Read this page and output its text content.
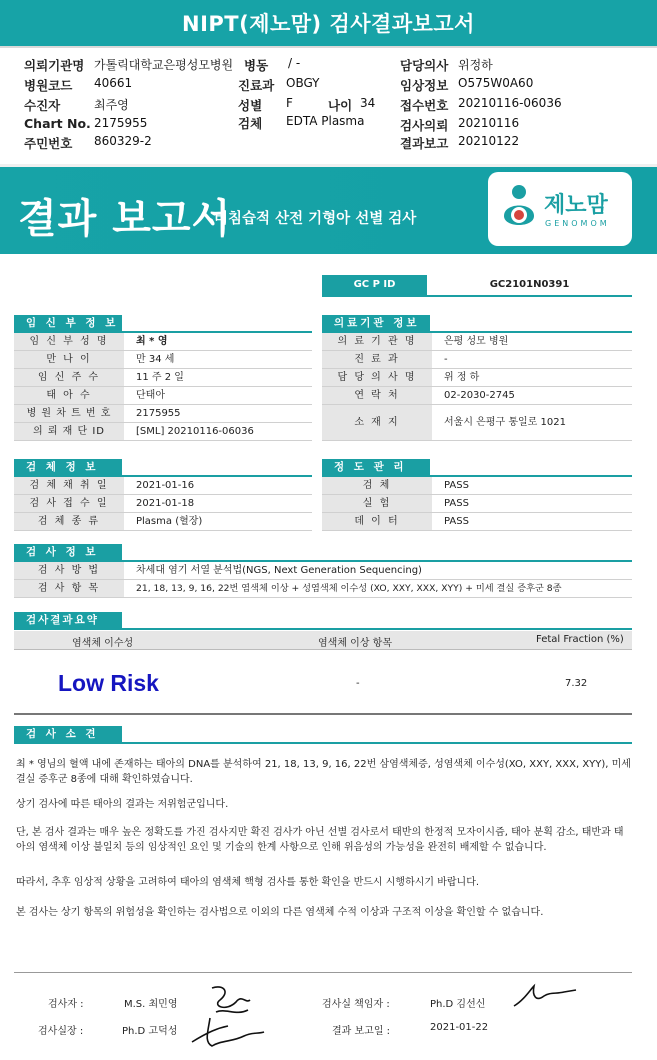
NIPT(제노맘) 검사결과보고서
의뢰기관명 가톨릭대학교은평성모병원 병동 / -	담당의사 위정하
병원코드 40661	진료과 OBGY	임상정보 O575W0A60
수진자	최주영	성별 F	나이 34 접수번호 20210116-06036
Chart No. 2175955	검체 EDTA Plasma	검사의뢰 20210116
주민번호 860329-2	결과보고 20210122
결과 보고서
비침습적 산전 기형아 선별 검사
제노맘
GENOMOM
GC P ID	GC2101N0391
임 신 부 정 보
임 신 부 성 명	최 * 영
만 나 이	만 34 세
임 신 주 수	11 주 2 일
태 아 수	단태아
병 원 차 트 번 호	2175955
의 뢰 재 단 ID	[SML] 20210116-06036
의료기관 정보
의 료 기 관 명	은평 성모 병원
진 료 과	-
담 당 의 사 명	위 정 하
연 락 처	02-2030-2745
소 재 지	서울시 은평구 통일로 1021
검 체 정 보
검 체 채 취 일	2021-01-16
검 사 접 수 일	2021-01-18
검 체 종 류	Plasma (혈장)
정 도 관 리
검 체	PASS
실 험	PASS
데 이 터	PASS
검 사 정 보
검 사 방 법	차세대 염기 서열 분석법(NGS, Next Generation Sequencing)
검 사 항 목	21, 18, 13, 9, 16, 22번 염색체 이상 + 성염색체 이수성 (XO, XXY, XXX, XYY) + 미세 결실 증후군 8종
검사결과요약
염색체 이수성	염색체 이상 항목	Fetal Fraction (%)
Low Risk	-	7.32
검 사 소 견

최 * 영님의 혈액 내에 존재하는 태아의 DNA를 분석하여 21, 18, 13, 9, 16, 22번 삼염색체증, 성염색체 이수성(XO, XXY, XXX, XYY), 미세 결실 증후군 8종에 대해 확인하였습니다.

상기 검사에 따른 태아의 결과는 저위험군입니다.

단, 본 검사 결과는 매우 높은 정확도를 가진 검사지만 확진 검사가 아닌 선별 검사로서 태반의 한정적 모자이시즘, 태아 분획 감소, 태반과 태아의 염색체 이상 불일치 등의 임상적인 요인 및 기술의 한계 사항으로 인해 위음성의 가능성을 완전히 배제할 수 없습니다.

따라서, 추후 임상적 상황을 고려하여 태아의 염색체 핵형 검사를 통한 확인을 반드시 시행하시기 바랍니다.

본 검사는 상기 항목의 위험성을 확인하는 검사법으로 이외의 다른 염색체 수적 이상과 구조적 이상을 확인할 수 없습니다.

검사자 :	M.S. 최민영	검사실 책임자 :	Ph.D 김선신
검사실장 :	Ph.D 고덕성	결과 보고일 :	2021-01-22
